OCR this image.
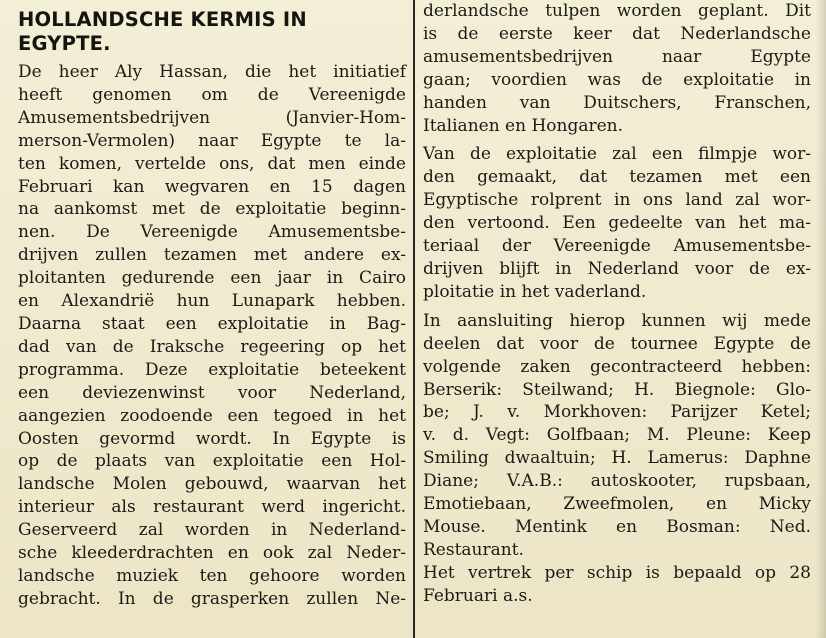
HOLLANDSCHE KERMIS IN
EGYPTE.

De heer Aly Hassan, die het initiatief
heeft genomen om de Vereenigde
Amusementsbedrijven (Janvier-Hom-
merson-Vermolen) naar Egypte te la-
ten komen, vertelde ons, dat men einde
Februari kan wegvaren en 15 dagen
na aankomst met de exploitatie beginn-
nen. De Vereenigde Amusementsbe-
drijven zullen tezamen met andere ex-
ploitanten gedurende een jaar in Cairo
en Alexandrië hun Lunapark hebben.
Daarna staat een exploitatie in Bag-
dad van de Iraksche regeering op het
programma. Deze exploitatie beteekent
een deviezenwinst voor Nederland,
aangezien zoodoende een tegoed in het
Oosten gevormd wordt. In Egypte is
op de plaats van exploitatie een Hol-
landsche Molen gebouwd, waarvan het
interieur als restaurant werd ingericht.
Geserveerd zal worden in Nederland-
sche kleederdrachten en ook zal Neder-
landsche muziek ten gehoore worden
gebracht. In de grasperken zullen Ne-

derlandsche tulpen worden geplant. Dit
is de eerste keer dat Nederlandsche
amusementsbedrijven naar Egypte
gaan; voordien was de exploitatie in
handen van Duitschers, Franschen,
Italianen en Hongaren.

Van de exploitatie zal een filmpje wor-
den gemaakt, dat tezamen met een
Egyptische rolprent in ons land zal wor-
den vertoond. Een gedeelte van het ma-
teriaal der Vereenigde Amusementsbe-
drijven blijft in Nederland voor de ex-
ploitatie in het vaderland.

In aansluiting hierop kunnen wij mede
deelen dat voor de tournee Egypte de
volgende zaken gecontracteerd hebben:
Berserik: Steilwand; H. Biegnole: Glo-
be; J. v. Morkhoven: Parijzer Ketel;
v. d. Vegt: Golfbaan; M. Pleune: Keep
Smiling dwaaltuin; H. Lamerus: Daphne
Diane; V.A.B.: autoskooter, rupsbaan,
Emotiebaan, Zweefmolen, en Micky
Mouse. Mentink en Bosman: Ned.
Restaurant.

Het vertrek per schip is bepaald op 28
Februari a.s.
